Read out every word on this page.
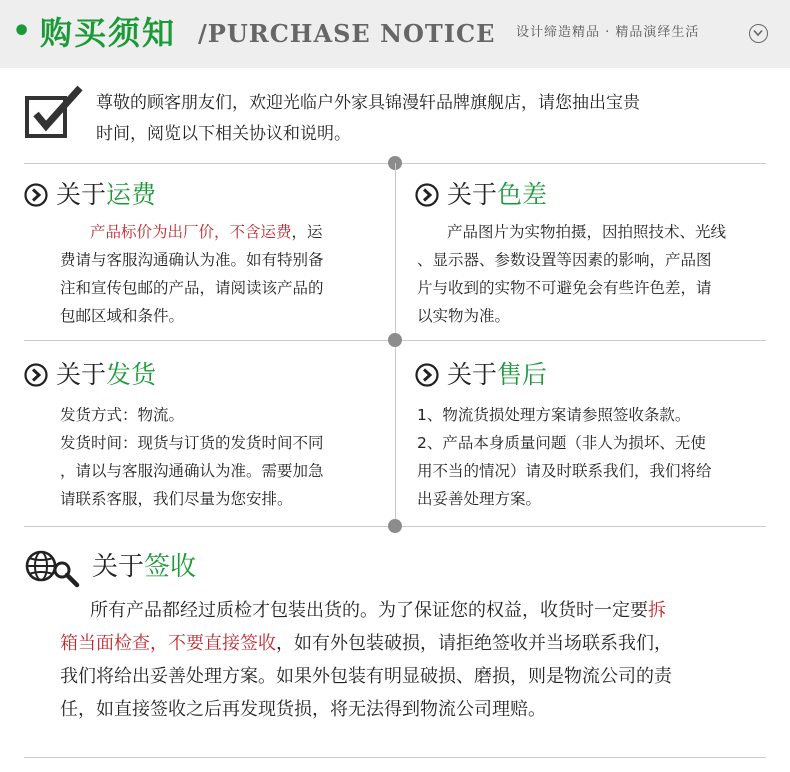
• 购买须知 /PURCHASE NOTICE 设计缔造精品 · 精品演绎生活
尊敬的顾客朋友们，欢迎光临户外家具锦漫轩品牌旗舰店，请您抽出宝贵
时间，阅览以下相关协议和说明。
关于运费
产品标价为出厂价，不含运费，运
费请与客服沟通确认为准。如有特别备
注和宣传包邮的产品，请阅读该产品的
包邮区域和条件。
关于色差
产品图片为实物拍摄，因拍照技术、光线
、显示器、参数设置等因素的影响，产品图
片与收到的实物不可避免会有些许色差，请
以实物为准。
关于发货
发货方式：物流。
发货时间：现货与订货的发货时间不同
，请以与客服沟通确认为准。需要加急
请联系客服，我们尽量为您安排。
关于售后
1、物流货损处理方案请参照签收条款。
2、产品本身质量问题（非人为损坏、无使
用不当的情况）请及时联系我们，我们将给
出妥善处理方案。
关于签收
所有产品都经过质检才包装出货的。为了保证您的权益，收货时一定要拆
箱当面检查，不要直接签收，如有外包装破损，请拒绝签收并当场联系我们，
我们将给出妥善处理方案。如果外包装有明显破损、磨损，则是物流公司的责
任，如直接签收之后再发现货损，将无法得到物流公司理赔。
